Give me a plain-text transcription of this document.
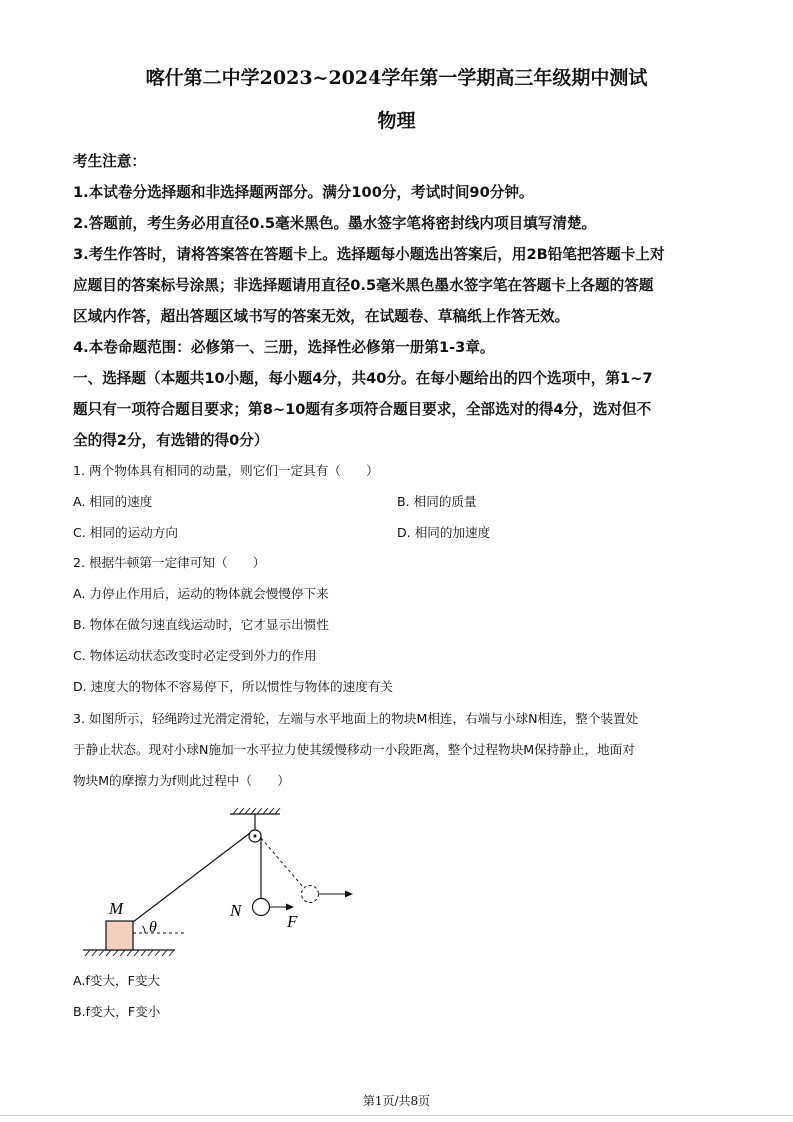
喀什第二中学2023~2024学年第一学期高三年级期中测试
物理

考生注意：

1.本试卷分选择题和非选择题两部分。满分100分，考试时间90分钟。

2.答题前，考生务必用直径0.5毫米黑色。墨水签字笔将密封线内项目填写清楚。

3.考生作答时，请将答案答在答题卡上。选择题每小题选出答案后，用2B铅笔把答题卡上对

应题目的答案标号涂黑；非选择题请用直径0.5毫米黑色墨水签字笔在答题卡上各题的答题

区域内作答，超出答题区域书写的答案无效，在试题卷、草稿纸上作答无效。

4.本卷命题范围：必修第一、三册，选择性必修第一册第1-3章。

一、选择题（本题共10小题，每小题4分，共40分。在每小题给出的四个选项中，第1~7

题只有一项符合题目要求；第8~10题有多项符合题目要求，全部选对的得4分，选对但不

全的得2分，有选错的得0分）

1. 两个物体具有相同的动量，则它们一定具有（　　）

A. 相同的速度	B. 相同的质量
C. 相同的运动方向	D. 相同的加速度

2. 根据牛顿第一定律可知（　　）

A. 力停止作用后，运动的物体就会慢慢停下来

B. 物体在做匀速直线运动时，它才显示出惯性

C. 物体运动状态改变时必定受到外力的作用

D. 速度大的物体不容易停下，所以惯性与物体的速度有关

3. 如图所示，轻绳跨过光滑定滑轮，左端与水平地面上的物块M相连，右端与小球N相连，整个装置处

于静止状态。现对小球N施加一水平拉力使其缓慢移动一小段距离，整个过程物块M保持静止，地面对

物块M的摩擦力为f则此过程中（　　）

M
θ
N
F

A.f变大，F变大

B.f变大，F变小

第1页/共8页
